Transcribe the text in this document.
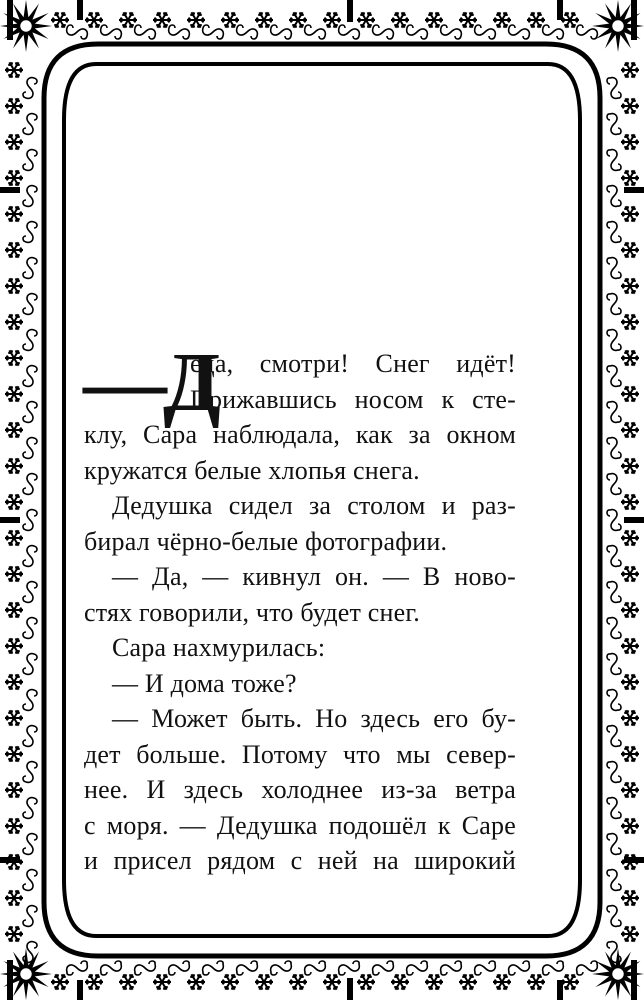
—Д
еда, смотри! Снег идёт!
Прижавшись носом к сте-
клу, Сара наблюдала, как за окном
кружатся белые хлопья снега.
Дедушка сидел за столом и раз-
бирал чёрно-белые фотографии.
— Да, — кивнул он. — В ново-
стях говорили, что будет снег.
Сара нахмурилась:
— И дома тоже?
— Может быть. Но здесь его бу-
дет больше. Потому что мы север-
нее. И здесь холоднее из-за ветра
с моря. — Дедушка подошёл к Саре
и присел рядом с ней на широкий
